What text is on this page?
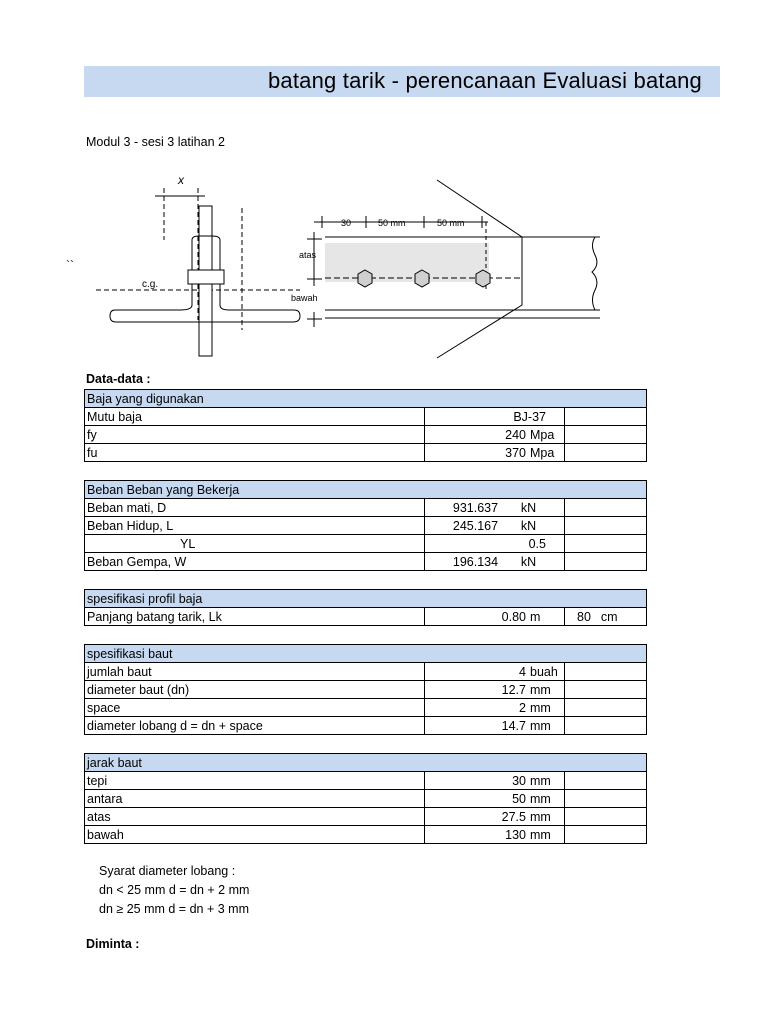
batang tarik - perencanaan Evaluasi batang
Modul 3 - sesi 3 latihan 2
``
x
c.g.
30	50 mm	50 mm
atas
bawah
Data-data :
Baja yang digunakan		
Mutu baja	BJ-37	
fy	240 Mpa	
fu	370 Mpa	
Beban Beban yang Bekerja		
Beban mati, D	931.637 kN	
Beban Hidup, L	245.167 kN	
YL	0.5	
Beban Gempa, W	196.134 kN	
spesifikasi profil baja
Panjang batang tarik, Lk	0.80 m	80 cm
spesifikasi baut		
jumlah baut	4 buah	
diameter baut (dn)	12.7 mm	
space	2 mm	
diameter lobang d = dn + space	14.7 mm	
jarak baut		
tepi	30 mm	
antara	50 mm	
atas	27.5 mm	
bawah	130 mm	
Syarat diameter lobang :
dn < 25 mm d = dn + 2 mm
dn ≥ 25 mm d = dn + 3 mm
Diminta :
